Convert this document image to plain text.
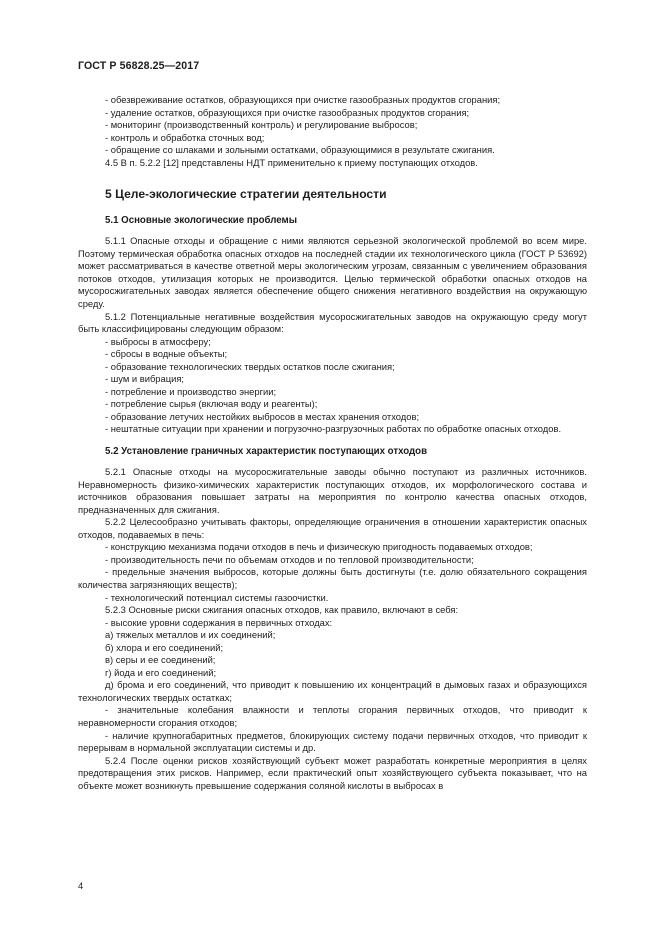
ГОСТ Р 56828.25—2017
- обезвреживание остатков, образующихся при очистке газообразных продуктов сгорания;
- удаление остатков, образующихся при очистке газообразных продуктов сгорания;
- мониторинг (производственный контроль) и регулирование выбросов;
- контроль и обработка сточных вод;
- обращение со шлаками и зольными остатками, образующимися в результате сжигания.
4.5 В п. 5.2.2 [12] представлены НДТ применительно к приему поступающих отходов.
5 Целе-экологические стратегии деятельности
5.1 Основные экологические проблемы
5.1.1 Опасные отходы и обращение с ними являются серьезной экологической проблемой во всем мире. Поэтому термическая обработка опасных отходов на последней стадии их технологического цикла (ГОСТ Р 53692) может рассматриваться в качестве ответной меры экологическим угрозам, связанным с увеличением образования потоков отходов, утилизация которых не производится. Целью термической обработки опасных отходов на мусоросжигательных заводах является обеспечение общего снижения негативного воздействия на окружающую среду.
5.1.2 Потенциальные негативные воздействия мусоросжигательных заводов на окружающую среду могут быть классифицированы следующим образом:
- выбросы в атмосферу;
- сбросы в водные объекты;
- образование технологических твердых остатков после сжигания;
- шум и вибрация;
- потребление и производство энергии;
- потребление сырья (включая воду и реагенты);
- образование летучих нестойких выбросов в местах хранения отходов;
- нештатные ситуации при хранении и погрузочно-разгрузочных работах по обработке опасных отходов.
5.2 Установление граничных характеристик поступающих отходов
5.2.1 Опасные отходы на мусоросжигательные заводы обычно поступают из различных источников. Неравномерность физико-химических характеристик поступающих отходов, их морфологического состава и источников образования повышает затраты на мероприятия по контролю качества опасных отходов, предназначенных для сжигания.
5.2.2 Целесообразно учитывать факторы, определяющие ограничения в отношении характеристик опасных отходов, подаваемых в печь:
- конструкцию механизма подачи отходов в печь и физическую пригодность подаваемых отходов;
- производительность печи по объемам отходов и по тепловой производительности;
- предельные значения выбросов, которые должны быть достигнуты (т.е. долю обязательного сокращения количества загрязняющих веществ);
- технологический потенциал системы газоочистки.
5.2.3 Основные риски сжигания опасных отходов, как правило, включают в себя:
- высокие уровни содержания в первичных отходах:
а) тяжелых металлов и их соединений;
б) хлора и его соединений;
в) серы и ее соединений;
г) йода и его соединений;
д) брома и его соединений, что приводит к повышению их концентраций в дымовых газах и образующихся технологических твердых остатках;
- значительные колебания влажности и теплоты сгорания первичных отходов, что приводит к неравномерности сгорания отходов;
- наличие крупногабаритных предметов, блокирующих систему подачи первичных отходов, что приводит к перерывам в нормальной эксплуатации системы и др.
5.2.4 После оценки рисков хозяйствующий субъект может разработать конкретные мероприятия в целях предотвращения этих рисков. Например, если практический опыт хозяйствующего субъекта показывает, что на объекте может возникнуть превышение содержания соляной кислоты в выбросах в
4
